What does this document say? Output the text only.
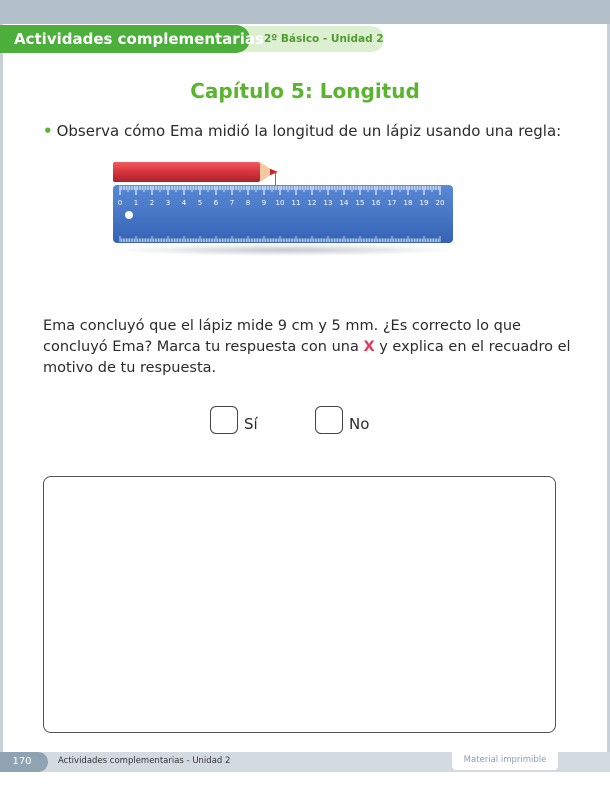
2º Básico - Unidad 2
Actividades complementarias
Capítulo 5: Longitud
• Observa cómo Ema midió la longitud de un lápiz usando una regla:
0 1 2 3 4 5 6 7 8 9 10 11 12 13 14 15 16 17 18 19 20
Ema concluyó que el lápiz mide 9 cm y 5 mm. ¿Es correcto lo que concluyó Ema? Marca tu respuesta con una X y explica en el recuadro el motivo de tu respuesta.
Sí	No
170	Actividades complementarias - Unidad 2	Material imprimible
